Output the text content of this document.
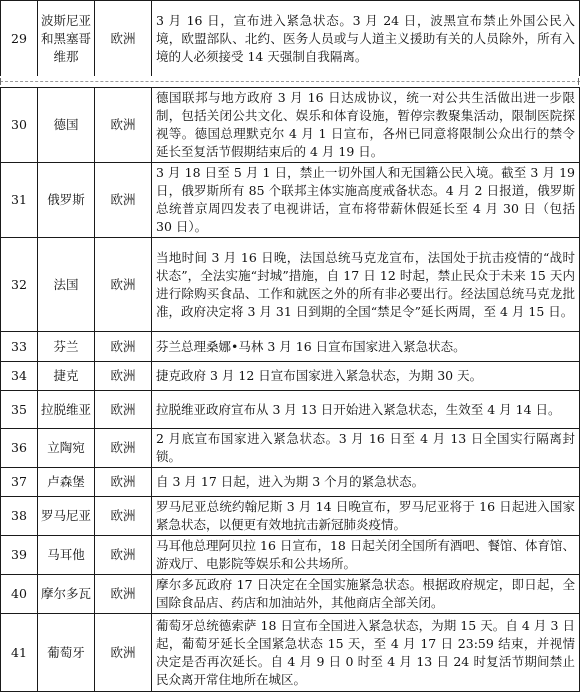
29	波斯尼亚和黑塞哥维那	欧洲	3 月 16 日，宣布进入紧急状态。3 月 24 日，波黑宣布禁止外国公民入境，欧盟部队、北约、医务人员或与人道主义援助有关的人员除外，所有入境的人必须接受 14 天强制自我隔离。
30	德国	欧洲	德国联邦与地方政府 3 月 16 日达成协议，统一对公共生活做出进一步限制，包括关闭公共文化、娱乐和体育设施，暂停宗教聚集活动，限制医院探视等。德国总理默克尔 4 月 1 日宣布，各州已同意将限制公众出行的禁令延长至复活节假期结束后的 4 月 19 日。
31	俄罗斯	欧洲	3 月 18 日至 5 月 1 日，禁止一切外国人和无国籍公民入境。截至 3 月 19 日，俄罗斯所有 85 个联邦主体实施高度戒备状态。4 月 2 日报道，俄罗斯总统普京周四发表了电视讲话，宣布将带薪休假延长至 4 月 30 日（包括 30 日）。
32	法国	欧洲	当地时间 3 月 16 日晚，法国总统马克龙宣布，法国处于抗击疫情的“战时状态”，全法实施“封城”措施，自 17 日 12 时起，禁止民众于未来 15 天内进行除购买食品、工作和就医之外的所有非必要出行。经法国总统马克龙批准，政府决定将 3 月 31 日到期的全国“禁足令”延长两周，至 4 月 15 日。
33	芬兰	欧洲	芬兰总理桑娜•马林 3 月 16 日宣布国家进入紧急状态。
34	捷克	欧洲	捷克政府 3 月 12 日宣布国家进入紧急状态，为期 30 天。
35	拉脱维亚	欧洲	拉脱维亚政府宣布从 3 月 13 日开始进入紧急状态，生效至 4 月 14 日。
36	立陶宛	欧洲	2 月底宣布国家进入紧急状态。3 月 16 日至 4 月 13 日全国实行隔离封锁。
37	卢森堡	欧洲	自 3 月 17 日起，进入为期 3 个月的紧急状态。
38	罗马尼亚	欧洲	罗马尼亚总统约翰尼斯 3 月 14 日晚宣布，罗马尼亚将于 16 日起进入国家紧急状态，以便更有效地抗击新冠肺炎疫情。
39	马耳他	欧洲	马耳他总理阿贝拉 16 日宣布，18 日起关闭全国所有酒吧、餐馆、体育馆、游戏厅、电影院等娱乐和公共场所。
40	摩尔多瓦	欧洲	摩尔多瓦政府 17 日决定在全国实施紧急状态。根据政府规定，即日起，全国除食品店、药店和加油站外，其他商店全部关闭。
41	葡萄牙	欧洲	葡萄牙总统德索萨 18 日宣布全国进入紧急状态，为期 15 天。自 4 月 3 日起，葡萄牙延长全国紧急状态 15 天，至 4 月 17 日 23:59 结束，并视情决定是否再次延长。自 4 月 9 日 0 时至 4 月 13 日 24 时复活节期间禁止民众离开常住地所在城区。
